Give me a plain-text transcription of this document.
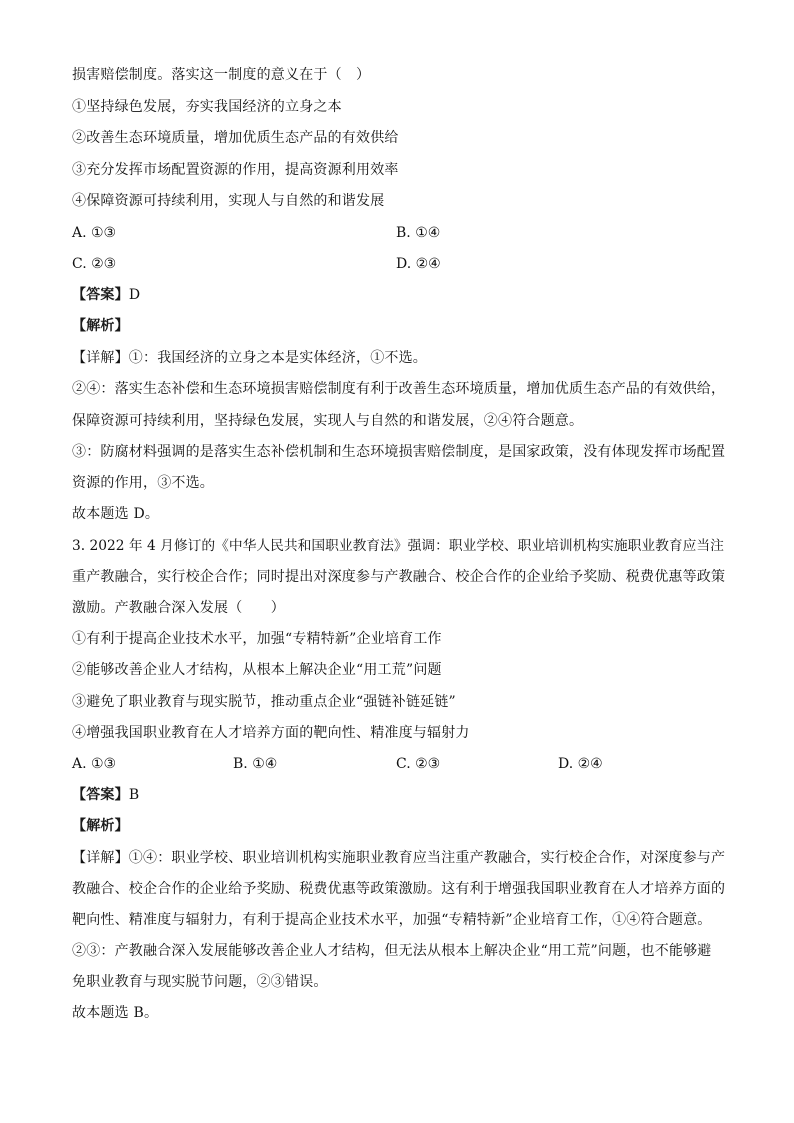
损害赔偿制度。落实这一制度的意义在于（　）
①坚持绿色发展，夯实我国经济的立身之本
②改善生态环境质量，增加优质生态产品的有效供给
③充分发挥市场配置资源的作用，提高资源利用效率
④保障资源可持续利用，实现人与自然的和谐发展
A. ①③	B. ①④
C. ②③	D. ②④
【答案】D
【解析】
【详解】①：我国经济的立身之本是实体经济，①不选。
②④：落实生态补偿和生态环境损害赔偿制度有利于改善生态环境质量，增加优质生态产品的有效供给，
保障资源可持续利用，坚持绿色发展，实现人与自然的和谐发展，②④符合题意。
③：防腐材料强调的是落实生态补偿机制和生态环境损害赔偿制度，是国家政策，没有体现发挥市场配置
资源的作用，③不选。
故本题选 D。
3. 2022 年 4 月修订的《中华人民共和国职业教育法》强调：职业学校、职业培训机构实施职业教育应当注
重产教融合，实行校企合作；同时提出对深度参与产教融合、校企合作的企业给予奖励、税费优惠等政策
激励。产教融合深入发展（　　）
①有利于提高企业技术水平，加强“专精特新”企业培育工作
②能够改善企业人才结构，从根本上解决企业“用工荒”问题
③避免了职业教育与现实脱节，推动重点企业“强链补链延链”
④增强我国职业教育在人才培养方面的靶向性、精准度与辐射力
A. ①③	B. ①④	C. ②③	D. ②④
【答案】B
【解析】
【详解】①④：职业学校、职业培训机构实施职业教育应当注重产教融合，实行校企合作，对深度参与产
教融合、校企合作的企业给予奖励、税费优惠等政策激励。这有利于增强我国职业教育在人才培养方面的
靶向性、精准度与辐射力，有利于提高企业技术水平，加强“专精特新”企业培育工作，①④符合题意。
②③：产教融合深入发展能够改善企业人才结构，但无法从根本上解决企业“用工荒”问题，也不能够避
免职业教育与现实脱节问题，②③错误。
故本题选 B。
